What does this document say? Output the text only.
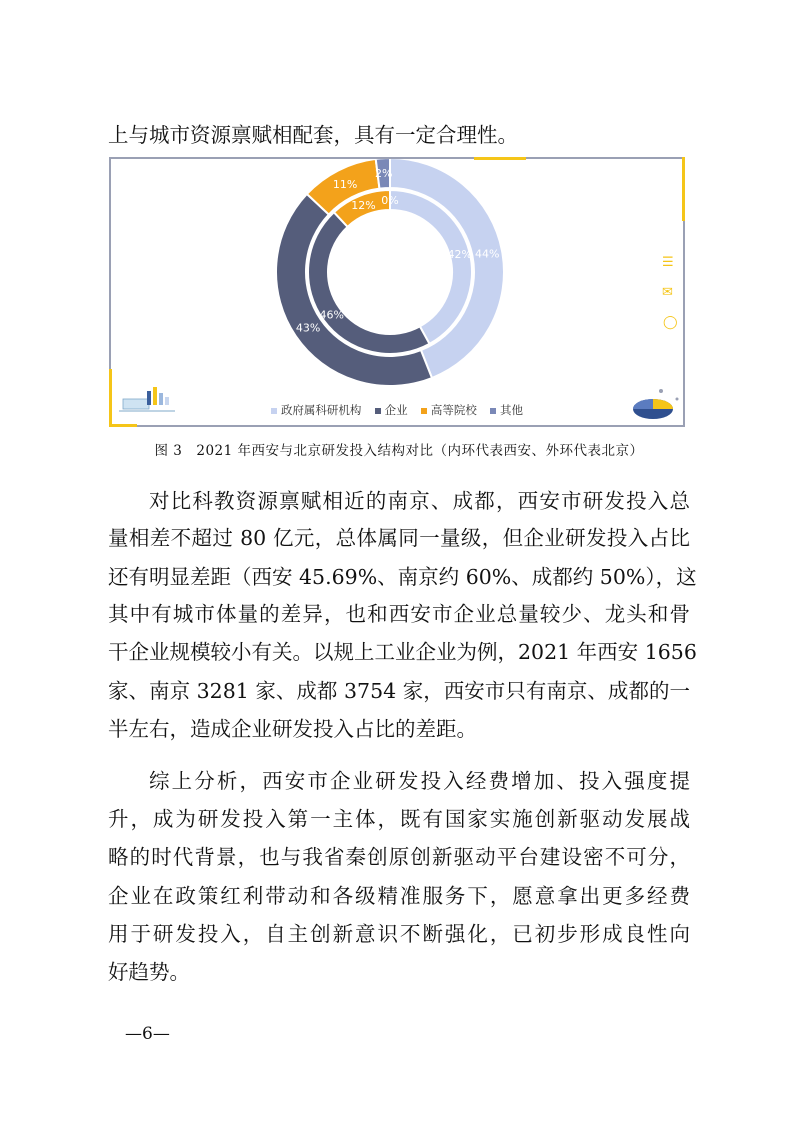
上与城市资源禀赋相配套，具有一定合理性。
42%
46%
12% 0%
44%
43%
11%
2%
政府属科研机构 企业 高等院校 其他
☰
✉
◯
图 3　2021 年西安与北京研发投入结构对比（内环代表西安、外环代表北京）
对比科教资源禀赋相近的南京、成都，西安市研发投入总
量相差不超过 80 亿元，总体属同一量级，但企业研发投入占比
还有明显差距（西安 45.69%、南京约 60%、成都约 50%），这
其中有城市体量的差异，也和西安市企业总量较少、龙头和骨
干企业规模较小有关。以规上工业企业为例，2021 年西安 1656
家、南京 3281 家、成都 3754 家，西安市只有南京、成都的一
半左右，造成企业研发投入占比的差距。
综上分析，西安市企业研发投入经费增加、投入强度提
升，成为研发投入第一主体，既有国家实施创新驱动发展战
略的时代背景，也与我省秦创原创新驱动平台建设密不可分，
企业在政策红利带动和各级精准服务下，愿意拿出更多经费
用于研发投入，自主创新意识不断强化，已初步形成良性向
好趋势。
—6—
